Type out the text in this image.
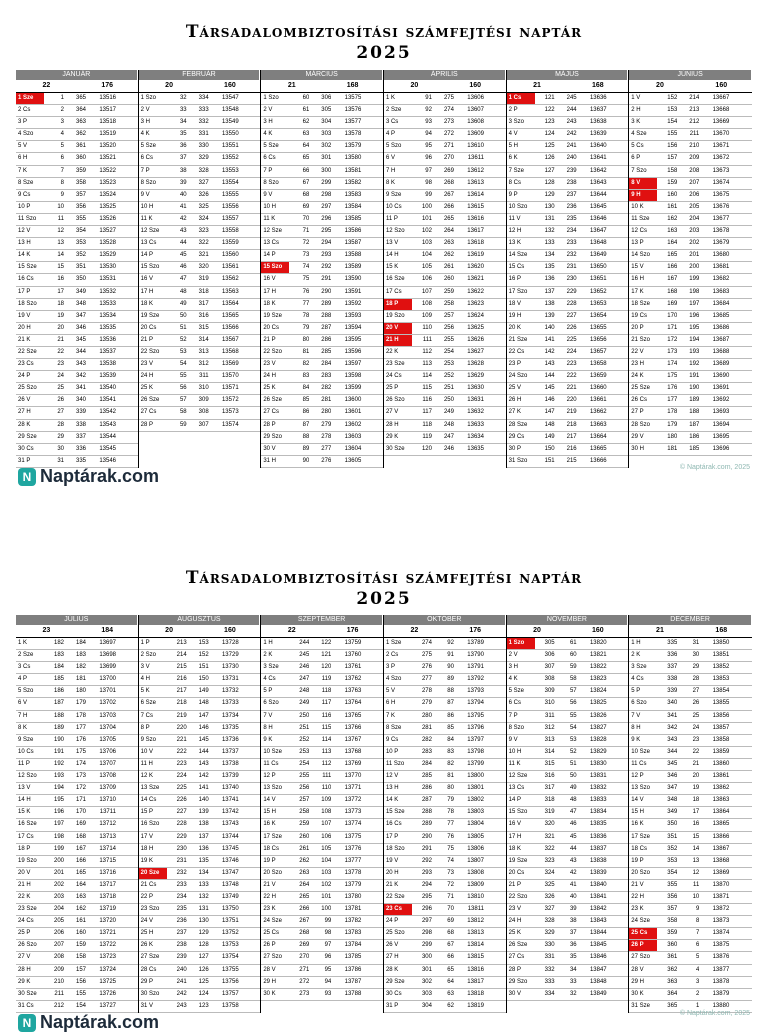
Társadalombiztosítási számfejtési naptár
2025
JANUÁR
22	176
1 Sze	1	365	13516
2 Cs	2	364	13517
3 P	3	363	13518
4 Szo	4	362	13519
5 V	5	361	13520
6 H	6	360	13521
7 K	7	359	13522
8 Sze	8	358	13523
9 Cs	9	357	13524
10 P	10	356	13525
11 Szo	11	355	13526
12 V	12	354	13527
13 H	13	353	13528
14 K	14	352	13529
15 Sze	15	351	13530
16 Cs	16	350	13531
17 P	17	349	13532
18 Szo	18	348	13533
19 V	19	347	13534
20 H	20	346	13535
21 K	21	345	13536
22 Sze	22	344	13537
23 Cs	23	343	13538
24 P	24	342	13539
25 Szo	25	341	13540
26 V	26	340	13541
27 H	27	339	13542
28 K	28	338	13543
29 Sze	29	337	13544
30 Cs	30	336	13545
31 P	31	335	13546
FEBRUÁR
20	160
1 Szo	32	334	13547
2 V	33	333	13548
3 H	34	332	13549
4 K	35	331	13550
5 Sze	36	330	13551
6 Cs	37	329	13552
7 P	38	328	13553
8 Szo	39	327	13554
9 V	40	326	13555
10 H	41	325	13556
11 K	42	324	13557
12 Sze	43	323	13558
13 Cs	44	322	13559
14 P	45	321	13560
15 Szo	46	320	13561
16 V	47	319	13562
17 H	48	318	13563
18 K	49	317	13564
19 Sze	50	316	13565
20 Cs	51	315	13566
21 P	52	314	13567
22 Szo	53	313	13568
23 V	54	312	13569
24 H	55	311	13570
25 K	56	310	13571
26 Sze	57	309	13572
27 Cs	58	308	13573
28 P	59	307	13574
MÁRCIUS
21	168
1 Szo	60	306	13575
2 V	61	305	13576
3 H	62	304	13577
4 K	63	303	13578
5 Sze	64	302	13579
6 Cs	65	301	13580
7 P	66	300	13581
8 Szo	67	299	13582
9 V	68	298	13583
10 H	69	297	13584
11 K	70	296	13585
12 Sze	71	295	13586
13 Cs	72	294	13587
14 P	73	293	13588
15 Szo	74	292	13589
16 V	75	291	13590
17 H	76	290	13591
18 K	77	289	13592
19 Sze	78	288	13593
20 Cs	79	287	13594
21 P	80	286	13595
22 Szo	81	285	13596
23 V	82	284	13597
24 H	83	283	13598
25 K	84	282	13599
26 Sze	85	281	13600
27 Cs	86	280	13601
28 P	87	279	13602
29 Szo	88	278	13603
30 V	89	277	13604
31 H	90	276	13605
ÁPRILIS
20	160
1 K	91	275	13606
2 Sze	92	274	13607
3 Cs	93	273	13608
4 P	94	272	13609
5 Szo	95	271	13610
6 V	96	270	13611
7 H	97	269	13612
8 K	98	268	13613
9 Sze	99	267	13614
10 Cs	100	266	13615
11 P	101	265	13616
12 Szo	102	264	13617
13 V	103	263	13618
14 H	104	262	13619
15 K	105	261	13620
16 Sze	106	260	13621
17 Cs	107	259	13622
18 P	108	258	13623
19 Szo	109	257	13624
20 V	110	256	13625
21 H	111	255	13626
22 K	112	254	13627
23 Sze	113	253	13628
24 Cs	114	252	13629
25 P	115	251	13630
26 Szo	116	250	13631
27 V	117	249	13632
28 H	118	248	13633
29 K	119	247	13634
30 Sze	120	246	13635
MÁJUS
21	168
1 Cs	121	245	13636
2 P	122	244	13637
3 Szo	123	243	13638
4 V	124	242	13639
5 H	125	241	13640
6 K	126	240	13641
7 Sze	127	239	13642
8 Cs	128	238	13643
9 P	129	237	13644
10 Szo	130	236	13645
11 V	131	235	13646
12 H	132	234	13647
13 K	133	233	13648
14 Sze	134	232	13649
15 Cs	135	231	13650
16 P	136	230	13651
17 Szo	137	229	13652
18 V	138	228	13653
19 H	139	227	13654
20 K	140	226	13655
21 Sze	141	225	13656
22 Cs	142	224	13657
23 P	143	223	13658
24 Szo	144	222	13659
25 V	145	221	13660
26 H	146	220	13661
27 K	147	219	13662
28 Sze	148	218	13663
29 Cs	149	217	13664
30 P	150	216	13665
31 Szo	151	215	13666
JÚNIUS
20	160
1 V	152	214	13667
2 H	153	213	13668
3 K	154	212	13669
4 Sze	155	211	13670
5 Cs	156	210	13671
6 P	157	209	13672
7 Szo	158	208	13673
8 V	159	207	13674
9 H	160	206	13675
10 K	161	205	13676
11 Sze	162	204	13677
12 Cs	163	203	13678
13 P	164	202	13679
14 Szo	165	201	13680
15 V	166	200	13681
16 H	167	199	13682
17 K	168	198	13683
18 Sze	169	197	13684
19 Cs	170	196	13685
20 P	171	195	13686
21 Szo	172	194	13687
22 V	173	193	13688
23 H	174	192	13689
24 K	175	191	13690
25 Sze	176	190	13691
26 Cs	177	189	13692
27 P	178	188	13693
28 Szo	179	187	13694
29 V	180	186	13695
30 H	181	185	13696
N Naptárak.com	© Naptárak.com, 2025
Társadalombiztosítási számfejtési naptár
2025
JÚLIUS
23	184
1 K	182	184	13697
2 Sze	183	183	13698
3 Cs	184	182	13699
4 P	185	181	13700
5 Szo	186	180	13701
6 V	187	179	13702
7 H	188	178	13703
8 K	189	177	13704
9 Sze	190	176	13705
10 Cs	191	175	13706
11 P	192	174	13707
12 Szo	193	173	13708
13 V	194	172	13709
14 H	195	171	13710
15 K	196	170	13711
16 Sze	197	169	13712
17 Cs	198	168	13713
18 P	199	167	13714
19 Szo	200	166	13715
20 V	201	165	13716
21 H	202	164	13717
22 K	203	163	13718
23 Sze	204	162	13719
24 Cs	205	161	13720
25 P	206	160	13721
26 Szo	207	159	13722
27 V	208	158	13723
28 H	209	157	13724
29 K	210	156	13725
30 Sze	211	155	13726
31 Cs	212	154	13727
AUGUSZTUS
20	160
1 P	213	153	13728
2 Szo	214	152	13729
3 V	215	151	13730
4 H	216	150	13731
5 K	217	149	13732
6 Sze	218	148	13733
7 Cs	219	147	13734
8 P	220	146	13735
9 Szo	221	145	13736
10 V	222	144	13737
11 H	223	143	13738
12 K	224	142	13739
13 Sze	225	141	13740
14 Cs	226	140	13741
15 P	227	139	13742
16 Szo	228	138	13743
17 V	229	137	13744
18 H	230	136	13745
19 K	231	135	13746
20 Sze	232	134	13747
21 Cs	233	133	13748
22 P	234	132	13749
23 Szo	235	131	13750
24 V	236	130	13751
25 H	237	129	13752
26 K	238	128	13753
27 Sze	239	127	13754
28 Cs	240	126	13755
29 P	241	125	13756
30 Szo	242	124	13757
31 V	243	123	13758
SZEPTEMBER
22	176
1 H	244	122	13759
2 K	245	121	13760
3 Sze	246	120	13761
4 Cs	247	119	13762
5 P	248	118	13763
6 Szo	249	117	13764
7 V	250	116	13765
8 H	251	115	13766
9 K	252	114	13767
10 Sze	253	113	13768
11 Cs	254	112	13769
12 P	255	111	13770
13 Szo	256	110	13771
14 V	257	109	13772
15 H	258	108	13773
16 K	259	107	13774
17 Sze	260	106	13775
18 Cs	261	105	13776
19 P	262	104	13777
20 Szo	263	103	13778
21 V	264	102	13779
22 H	265	101	13780
23 K	266	100	13781
24 Sze	267	99	13782
25 Cs	268	98	13783
26 P	269	97	13784
27 Szo	270	96	13785
28 V	271	95	13786
29 H	272	94	13787
30 K	273	93	13788
OKTÓBER
22	176
1 Sze	274	92	13789
2 Cs	275	91	13790
3 P	276	90	13791
4 Szo	277	89	13792
5 V	278	88	13793
6 H	279	87	13794
7 K	280	86	13795
8 Sze	281	85	13796
9 Cs	282	84	13797
10 P	283	83	13798
11 Szo	284	82	13799
12 V	285	81	13800
13 H	286	80	13801
14 K	287	79	13802
15 Sze	288	78	13803
16 Cs	289	77	13804
17 P	290	76	13805
18 Szo	291	75	13806
19 V	292	74	13807
20 H	293	73	13808
21 K	294	72	13809
22 Sze	295	71	13810
23 Cs	296	70	13811
24 P	297	69	13812
25 Szo	298	68	13813
26 V	299	67	13814
27 H	300	66	13815
28 K	301	65	13816
29 Sze	302	64	13817
30 Cs	303	63	13818
31 P	304	62	13819
NOVEMBER
20	160
1 Szo	305	61	13820
2 V	306	60	13821
3 H	307	59	13822
4 K	308	58	13823
5 Sze	309	57	13824
6 Cs	310	56	13825
7 P	311	55	13826
8 Szo	312	54	13827
9 V	313	53	13828
10 H	314	52	13829
11 K	315	51	13830
12 Sze	316	50	13831
13 Cs	317	49	13832
14 P	318	48	13833
15 Szo	319	47	13834
16 V	320	46	13835
17 H	321	45	13836
18 K	322	44	13837
19 Sze	323	43	13838
20 Cs	324	42	13839
21 P	325	41	13840
22 Szo	326	40	13841
23 V	327	39	13842
24 H	328	38	13843
25 K	329	37	13844
26 Sze	330	36	13845
27 Cs	331	35	13846
28 P	332	34	13847
29 Szo	333	33	13848
30 V	334	32	13849
DECEMBER
21	168
1 H	335	31	13850
2 K	336	30	13851
3 Sze	337	29	13852
4 Cs	338	28	13853
5 P	339	27	13854
6 Szo	340	26	13855
7 V	341	25	13856
8 H	342	24	13857
9 K	343	23	13858
10 Sze	344	22	13859
11 Cs	345	21	13860
12 P	346	20	13861
13 Szo	347	19	13862
14 V	348	18	13863
15 H	349	17	13864
16 K	350	16	13865
17 Sze	351	15	13866
18 Cs	352	14	13867
19 P	353	13	13868
20 Szo	354	12	13869
21 V	355	11	13870
22 H	356	10	13871
23 K	357	9	13872
24 Sze	358	8	13873
25 Cs	359	7	13874
26 P	360	6	13875
27 Szo	361	5	13876
28 V	362	4	13877
29 H	363	3	13878
30 K	364	2	13879
31 Sze	365	1	13880
N Naptárak.com	© Naptárak.com, 2025
